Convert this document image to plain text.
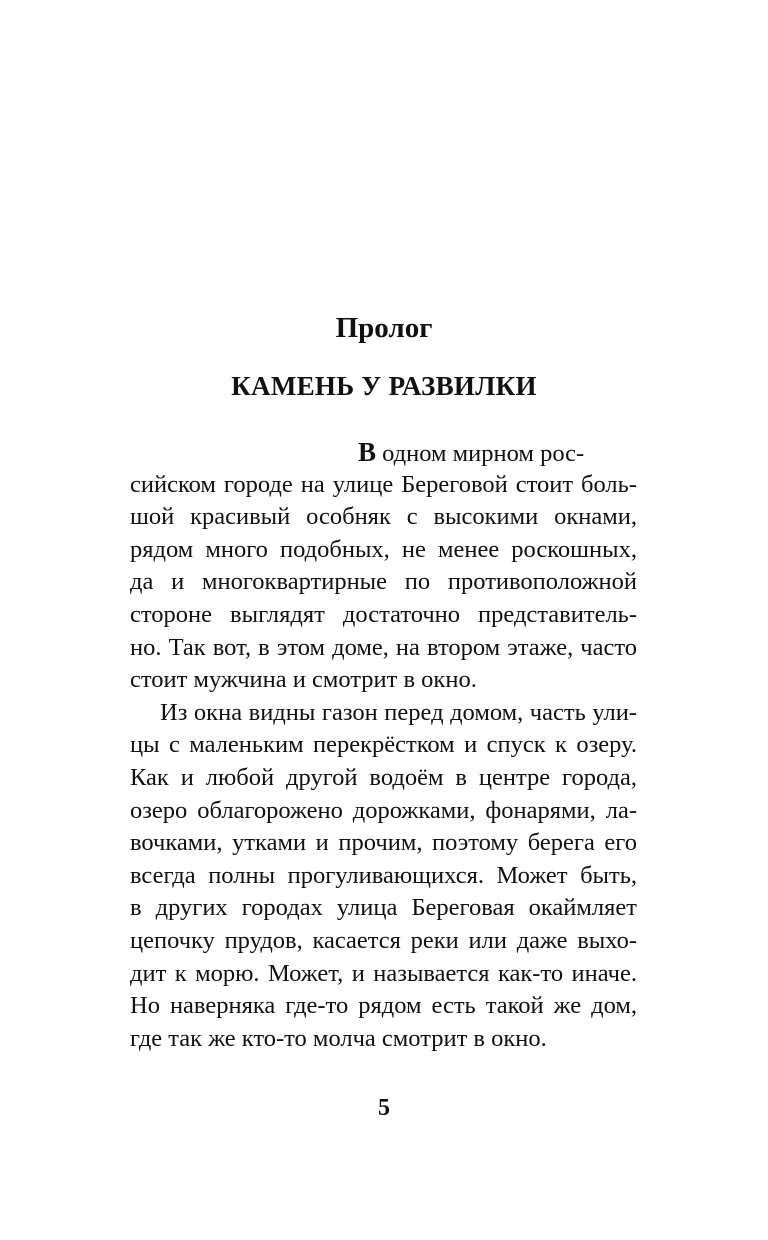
Пролог
КАМЕНЬ У РАЗВИЛКИ
В одном мирном рос-
сийском городе на улице Береговой стоит боль-
шой красивый особняк с высокими окнами,
рядом много подобных, не менее роскошных,
да и многоквартирные по противоположной
стороне выглядят достаточно представитель-
но. Так вот, в этом доме, на втором этаже, часто
стоит мужчина и смотрит в окно.
Из окна видны газон перед домом, часть ули-
цы с маленьким перекрёстком и спуск к озеру.
Как и любой другой водоём в центре города,
озеро облагорожено дорожками, фонарями, ла-
вочками, утками и прочим, поэтому берега его
всегда полны прогуливающихся. Может быть,
в других городах улица Береговая окаймляет
цепочку прудов, касается реки или даже выхо-
дит к морю. Может, и называется как-то иначе.
Но наверняка где-то рядом есть такой же дом,
где так же кто-то молча смотрит в окно.
5
